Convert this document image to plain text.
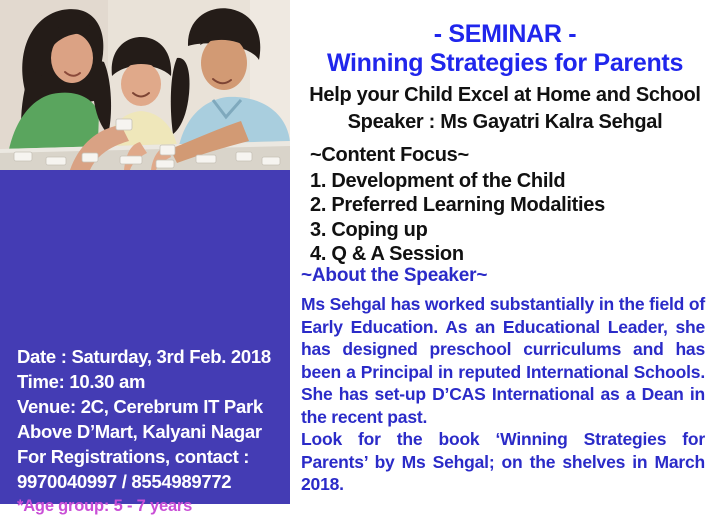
Date : Saturday, 3rd Feb. 2018
Time: 10.30 am
Venue: 2C, Cerebrum IT Park
Above D’Mart, Kalyani Nagar
For Registrations, contact :
9970040997 / 8554989772
*Age group: 5 - 7 years
- SEMINAR -
Winning Strategies for Parents
Help your Child Excel at Home and School
Speaker : Ms Gayatri Kalra Sehgal
~Content Focus~
1. Development of the Child
2. Preferred Learning Modalities
3. Coping up
4. Q & A Session
~About the Speaker~

Ms Sehgal has worked substantially in the field of Early Education. As an Educational Leader, she has designed preschool curriculums and has been a Principal in reputed International Schools. She has set-up D’CAS International as a Dean in the recent past.

Look for the book ‘Winning Strategies for Parents’ by Ms Sehgal; on the shelves in March 2018.
